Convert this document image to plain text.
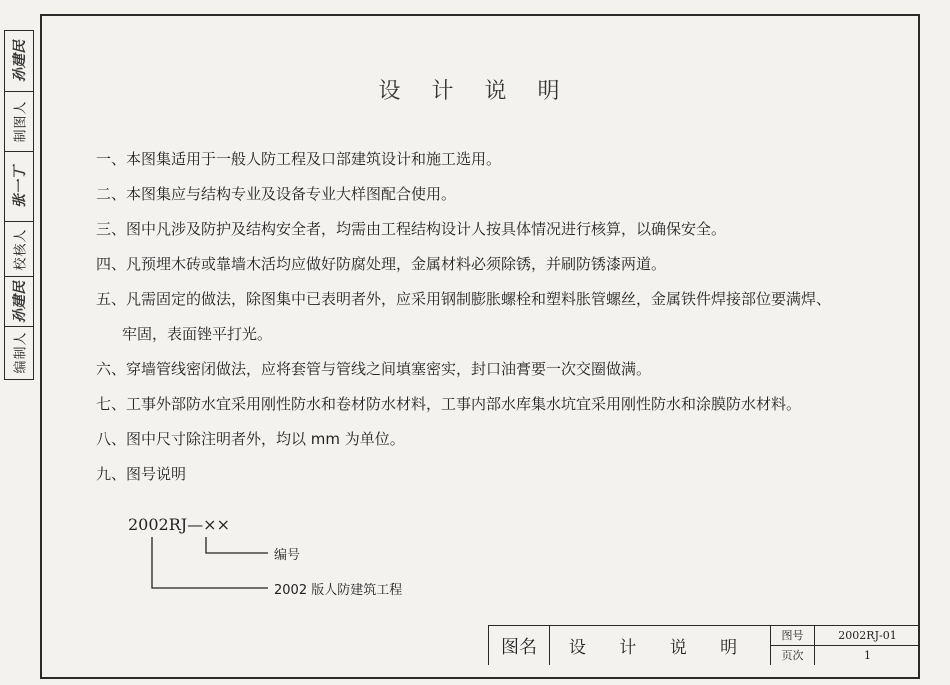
孙建民
制图人
张一丁
校核人
孙建民
编制人
设 计 说 明
一、本图集适用于一般人防工程及口部建筑设计和施工选用。
二、本图集应与结构专业及设备专业大样图配合使用。
三、图中凡涉及防护及结构安全者，均需由工程结构设计人按具体情况进行核算，以确保安全。
四、凡预埋木砖或靠墙木活均应做好防腐处理，金属材料必须除锈，并刷防锈漆两道。
五、凡需固定的做法，除图集中已表明者外，应采用钢制膨胀螺栓和塑料胀管螺丝，金属铁件焊接部位要满焊、
牢固，表面锉平打光。
六、穿墙管线密闭做法，应将套管与管线之间填塞密实，封口油膏要一次交圈做满。
七、工事外部防水宜采用刚性防水和卷材防水材料，工事内部水库集水坑宜采用刚性防水和涂膜防水材料。
八、图中尺寸除注明者外，均以 mm 为单位。
九、图号说明
2002RJ—××
编号
2002 版人防建筑工程
图名	设 计 说 明
图号	2002RJ-01
页次	1
